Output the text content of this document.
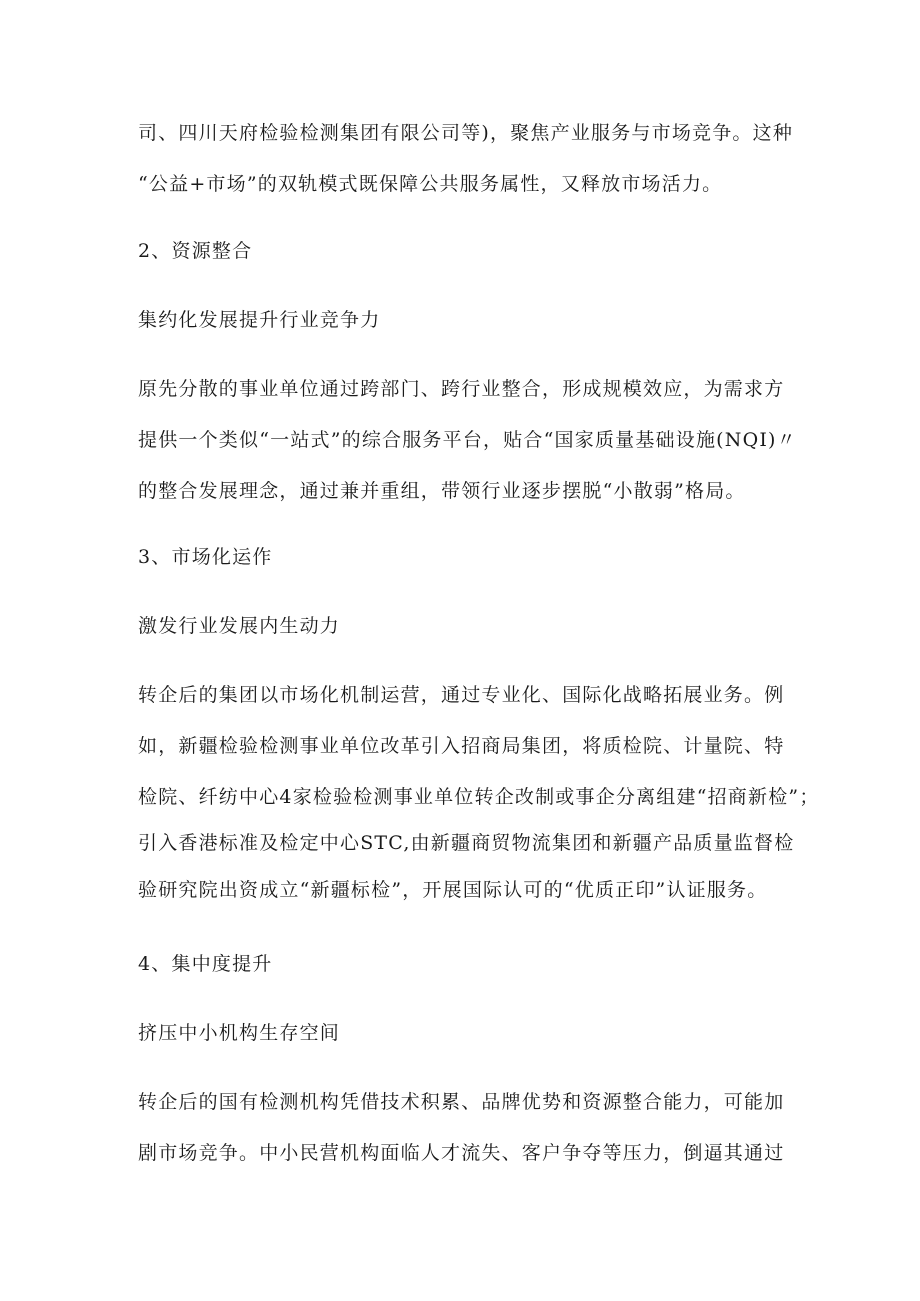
司、四川天府检验检测集团有限公司等)，聚焦产业服务与市场竞争。这种
“公益+市场”的双轨模式既保障公共服务属性，又释放市场活力。
2、资源整合
集约化发展提升行业竞争力
原先分散的事业单位通过跨部门、跨行业整合，形成规模效应，为需求方
提供一个类似“一站式”的综合服务平台，贴合“国家质量基础设施(NQI)〃
的整合发展理念，通过兼并重组，带领行业逐步摆脱“小散弱”格局。
3、市场化运作
激发行业发展内生动力
转企后的集团以市场化机制运营，通过专业化、国际化战略拓展业务。例
如，新疆检验检测事业单位改革引入招商局集团，将质检院、计量院、特
检院、纤纺中心4家检验检测事业单位转企改制或事企分离组建“招商新检”；
引入香港标准及检定中心STC,由新疆商贸物流集团和新疆产品质量监督检
验研究院出资成立“新疆标检”，开展国际认可的“优质正印”认证服务。
4、集中度提升
挤压中小机构生存空间
转企后的国有检测机构凭借技术积累、品牌优势和资源整合能力，可能加
剧市场竞争。中小民营机构面临人才流失、客户争夺等压力，倒逼其通过
